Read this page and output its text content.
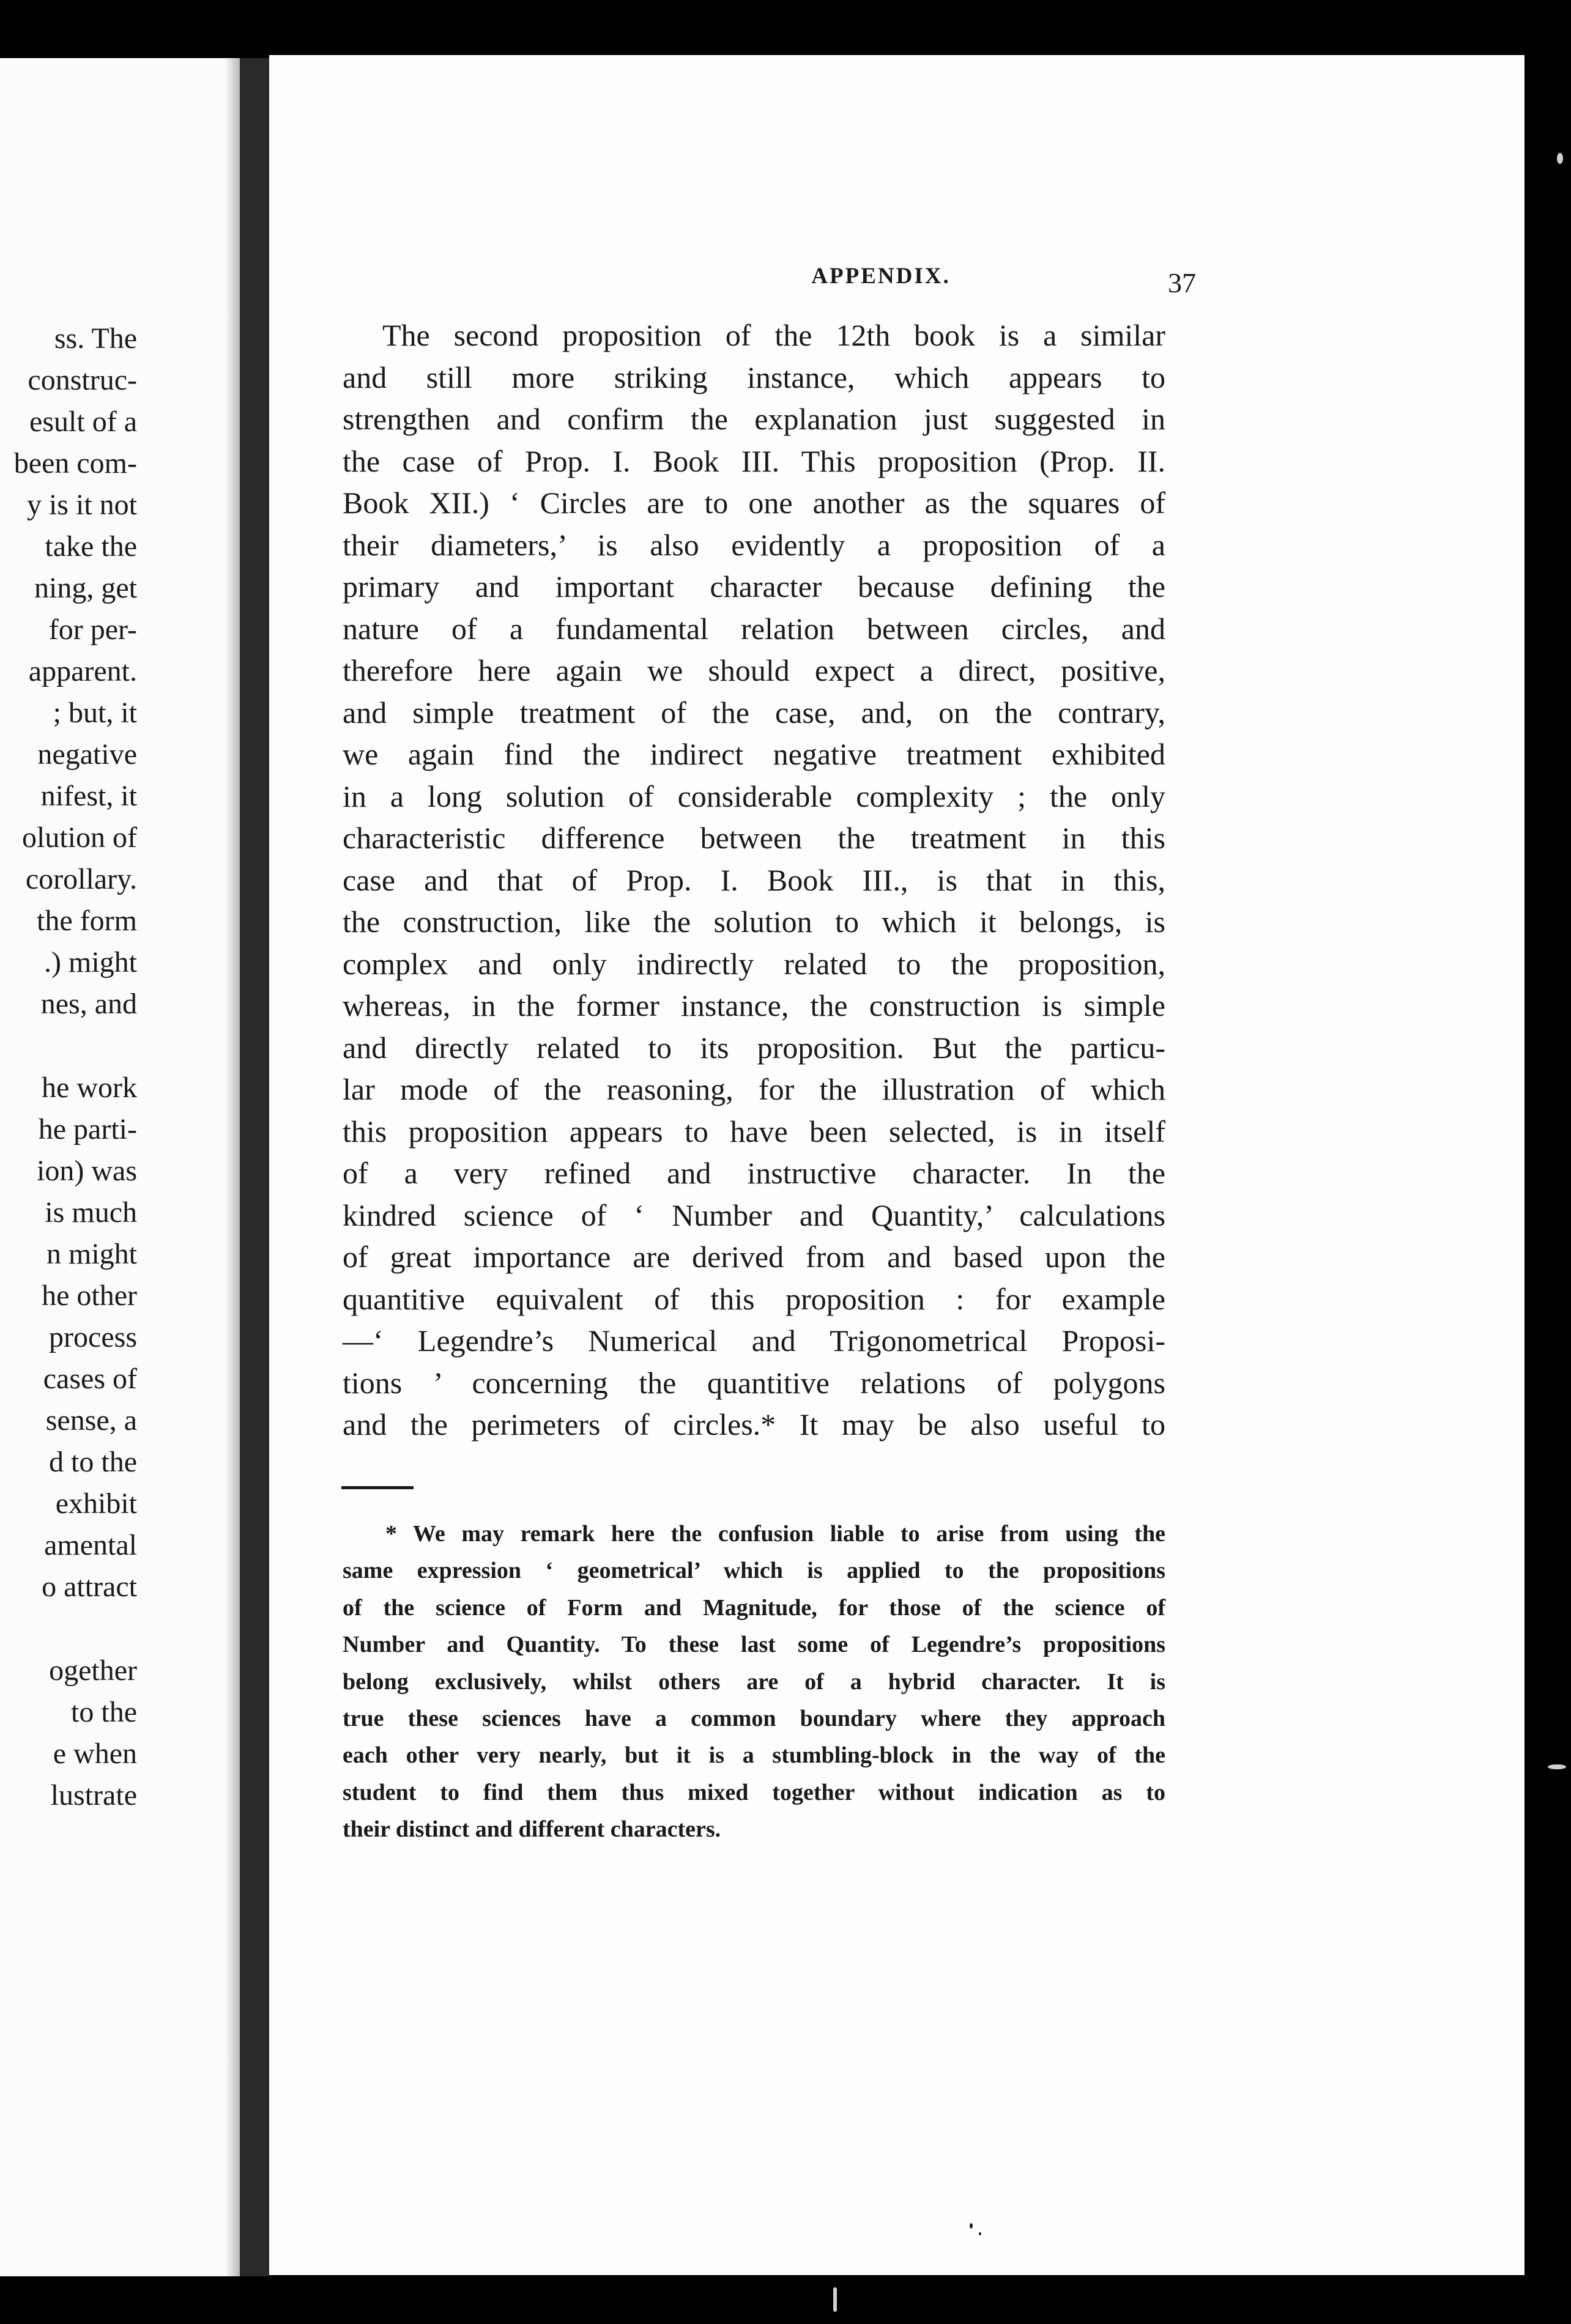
ss. The
construc-
esult of a
been com-
y is it not
take the
ning, get
for per-
apparent.
; but, it
negative
nifest, it
olution of
corollary.
the form
.) might
nes, and
he work
he parti-
ion) was
is much
n might
he other
process
cases of
sense, a
d to the
exhibit
amental
o attract
ogether
to the
e when
lustrate
APPENDIX.	37
The second proposition of the 12th book is a similar
and still more striking instance, which appears to
strengthen and confirm the explanation just suggested in
the case of Prop. I. Book III. This proposition (Prop. II.
Book XII.) ‘ Circles are to one another as the squares of
their diameters,’ is also evidently a proposition of a
primary and important character because defining the
nature of a fundamental relation between circles, and
therefore here again we should expect a direct, positive,
and simple treatment of the case, and, on the contrary,
we again find the indirect negative treatment exhibited
in a long solution of considerable complexity ; the only
characteristic difference between the treatment in this
case and that of Prop. I. Book III., is that in this,
the construction, like the solution to which it belongs, is
complex and only indirectly related to the proposition,
whereas, in the former instance, the construction is simple
and directly related to its proposition. But the particu-
lar mode of the reasoning, for the illustration of which
this proposition appears to have been selected, is in itself
of a very refined and instructive character. In the
kindred science of ‘ Number and Quantity,’ calculations
of great importance are derived from and based upon the
quantitive equivalent of this proposition : for example
—‘ Legendre’s Numerical and Trigonometrical Proposi-
tions ’ concerning the quantitive relations of polygons
and the perimeters of circles.* It may be also useful to
* We may remark here the confusion liable to arise from using the
same expression ‘ geometrical’ which is applied to the propositions
of the science of Form and Magnitude, for those of the science of
Number and Quantity. To these last some of Legendre’s propositions
belong exclusively, whilst others are of a hybrid character. It is
true these sciences have a common boundary where they approach
each other very nearly, but it is a stumbling-block in the way of the
student to find them thus mixed together without indication as to
their distinct and different characters.
